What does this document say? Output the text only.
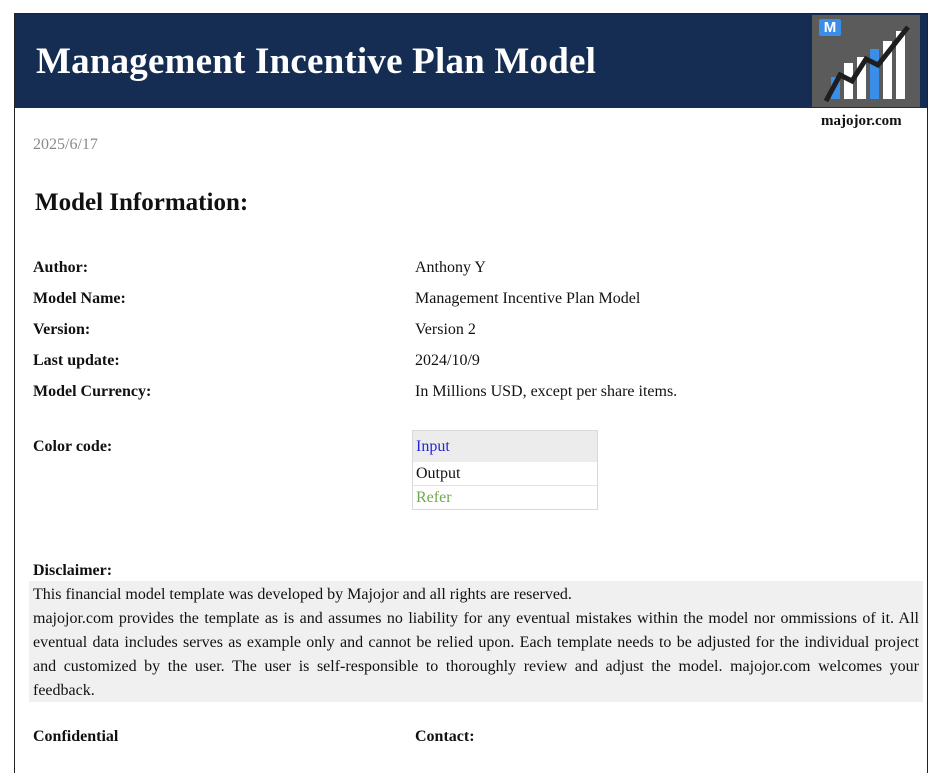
Management Incentive Plan Model
M
majojor.com
2025/6/17
Model Information:
Author:	Anthony Y
Model Name:	Management Incentive Plan Model
Version:	Version 2
Last update:	2024/10/9
Model Currency:	In Millions USD, except per share items.
Color code:	Input
Output
Refer
Disclaimer:

This financial model template was developed by Majojor and all rights are reserved.

majojor.com provides the template as is and assumes no liability for any eventual mistakes within the model nor ommissions of it. All eventual data includes serves as example only and cannot be relied upon. Each template needs to be adjusted for the individual project and customized by the user. The user is self-responsible to thoroughly review and adjust the model. majojor.com welcomes your feedback.

Confidential	Contact:
